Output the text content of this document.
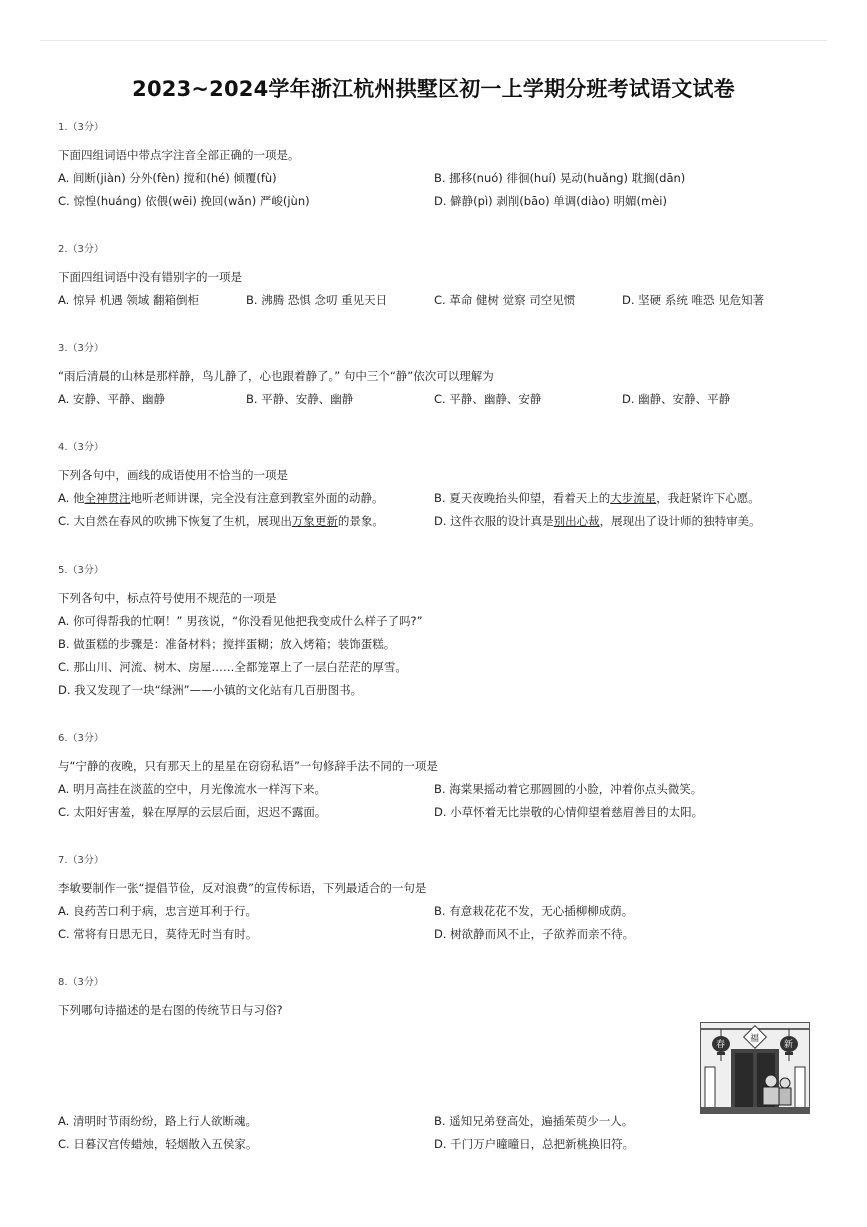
2023~2024学年浙江杭州拱墅区初一上学期分班考试语文试卷
1.（3分）
下面四组词语中带点字注音全部正确的一项是。
A. 间断(jiàn) 分外(fèn) 搅和(hé) 倾覆(fù)	B. 挪移(nuó) 徘徊(huí) 晃动(huǎng) 耽搁(dān)
C. 惊惶(huáng) 依偎(wēi) 挽回(wǎn) 严峻(jùn)	D. 僻静(pì) 剥削(bāo) 单调(diào) 明媚(mèi)
2.（3分）
下面四组词语中没有错别字的一项是
A. 惊异 机遇 领域 翻箱倒柜	B. 沸腾 恐惧 念叨 重见天日	C. 革命 健树 觉察 司空见惯	D. 坚硬 系统 唯恐 见危知著
3.（3分）
“雨后清晨的山林是那样静，鸟儿静了，心也跟着静了。” 句中三个“静”依次可以理解为
A. 安静、平静、幽静	B. 平静、安静、幽静	C. 平静、幽静、安静	D. 幽静、安静、平静
4.（3分）
下列各句中，画线的成语使用不恰当的一项是
A. 他全神贯注地听老师讲课，完全没有注意到教室外面的动静。	B. 夏天夜晚抬头仰望，看着天上的大步流星，我赶紧许下心愿。
C. 大自然在春风的吹拂下恢复了生机，展现出万象更新的景象。	D. 这件衣服的设计真是别出心裁，展现出了设计师的独特审美。
5.（3分）
下列各句中，标点符号使用不规范的一项是
A. 你可得帮我的忙啊！” 男孩说，“你没看见他把我变成什么样子了吗?”
B. 做蛋糕的步骤是：准备材料；搅拌蛋糊；放入烤箱；装饰蛋糕。
C. 那山川、河流、树木、房屋……全都笼罩上了一层白茫茫的厚雪。
D. 我又发现了一块“绿洲”——小镇的文化站有几百册图书。
6.（3分）
与“宁静的夜晚，只有那天上的星星在窃窃私语”一句修辞手法不同的一项是
A. 明月高挂在淡蓝的空中，月光像流水一样泻下来。	B. 海棠果摇动着它那圆圆的小脸，冲着你点头微笑。
C. 太阳好害羞，躲在厚厚的云层后面，迟迟不露面。	D. 小草怀着无比崇敬的心情仰望着慈眉善目的太阳。
7.（3分）
李敏要制作一张“提倡节俭，反对浪费”的宣传标语，下列最适合的一句是
A. 良药苦口利于病，忠言逆耳利于行。	B. 有意栽花花不发，无心插柳柳成荫。
C. 常将有日思无日，莫待无时当有时。	D. 树欲静而风不止，子欲养而亲不待。
8.（3分）
下列哪句诗描述的是右图的传统节日与习俗?
A. 清明时节雨纷纷，路上行人欲断魂。	B. 遥知兄弟登高处，遍插茱萸少一人。
C. 日暮汉宫传蜡烛，轻烟散入五侯家。	D. 千门万户曈曈日，总把新桃换旧符。
春
福
新
